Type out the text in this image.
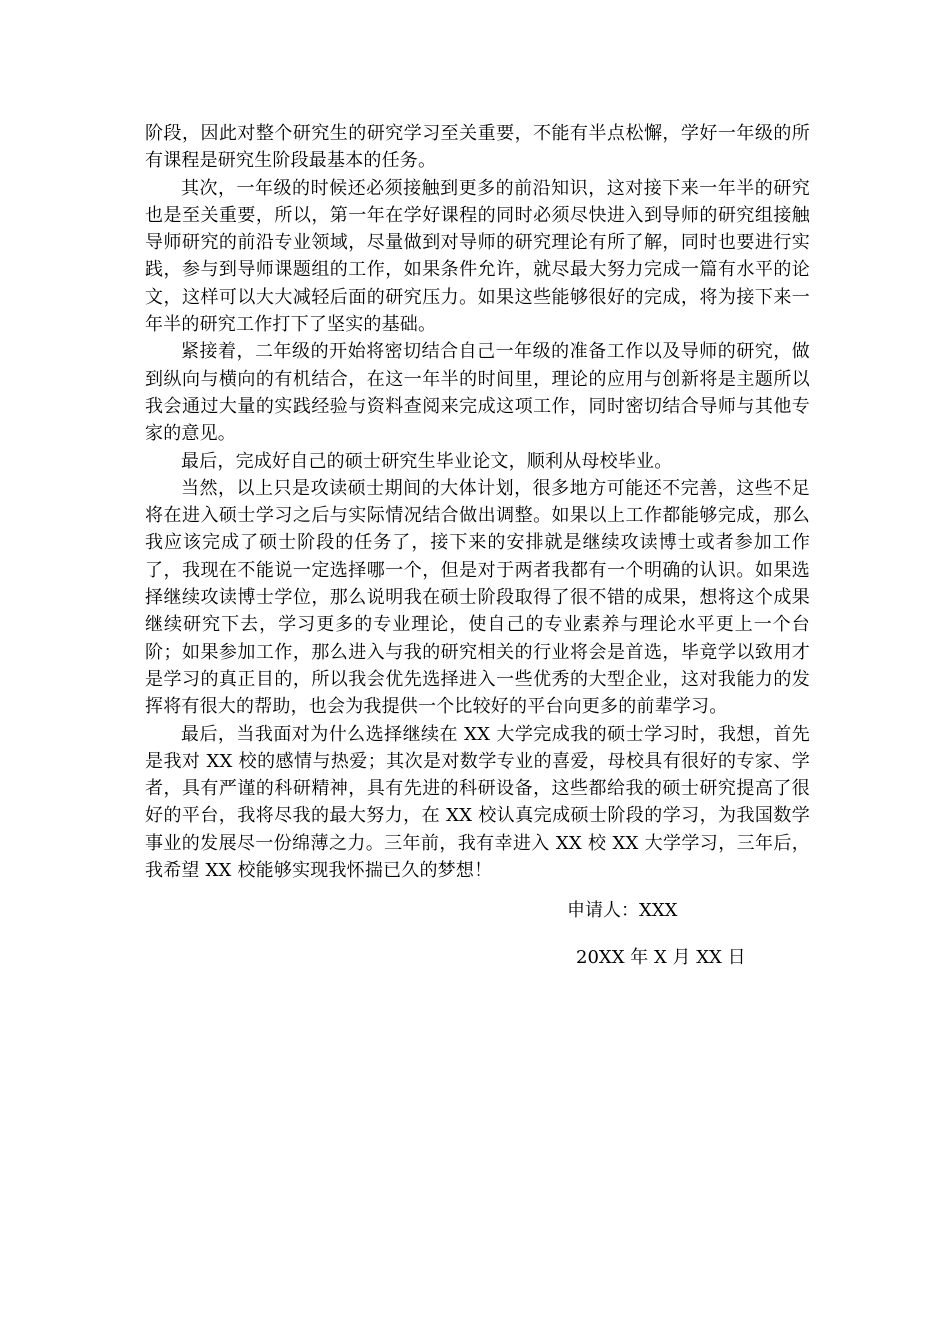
阶段，因此对整个研究生的研究学习至关重要，不能有半点松懈，学好一年级的所有课程是研究生阶段最基本的任务。

其次，一年级的时候还必须接触到更多的前沿知识，这对接下来一年半的研究也是至关重要，所以，第一年在学好课程的同时必须尽快进入到导师的研究组接触导师研究的前沿专业领域，尽量做到对导师的研究理论有所了解，同时也要进行实践，参与到导师课题组的工作，如果条件允许，就尽最大努力完成一篇有水平的论文，这样可以大大减轻后面的研究压力。如果这些能够很好的完成，将为接下来一年半的研究工作打下了坚实的基础。

紧接着，二年级的开始将密切结合自己一年级的准备工作以及导师的研究，做到纵向与横向的有机结合，在这一年半的时间里，理论的应用与创新将是主题所以我会通过大量的实践经验与资料查阅来完成这项工作，同时密切结合导师与其他专家的意见。

最后，完成好自己的硕士研究生毕业论文，顺利从母校毕业。

当然，以上只是攻读硕士期间的大体计划，很多地方可能还不完善，这些不足将在进入硕士学习之后与实际情况结合做出调整。如果以上工作都能够完成，那么我应该完成了硕士阶段的任务了，接下来的安排就是继续攻读博士或者参加工作了，我现在不能说一定选择哪一个，但是对于两者我都有一个明确的认识。如果选择继续攻读博士学位，那么说明我在硕士阶段取得了很不错的成果，想将这个成果继续研究下去，学习更多的专业理论，使自己的专业素养与理论水平更上一个台阶；如果参加工作，那么进入与我的研究相关的行业将会是首选，毕竟学以致用才是学习的真正目的，所以我会优先选择进入一些优秀的大型企业，这对我能力的发挥将有很大的帮助，也会为我提供一个比较好的平台向更多的前辈学习。

最后，当我面对为什么选择继续在 XX 大学完成我的硕士学习时，我想，首先是我对 XX 校的感情与热爱；其次是对数学专业的喜爱，母校具有很好的专家、学者，具有严谨的科研精神，具有先进的科研设备，这些都给我的硕士研究提高了很好的平台，我将尽我的最大努力，在 XX 校认真完成硕士阶段的学习，为我国数学事业的发展尽一份绵薄之力。三年前，我有幸进入 XX 校 XX 大学学习，三年后，我希望 XX 校能够实现我怀揣已久的梦想！

申请人：XXX
20XX 年 X 月 XX 日
